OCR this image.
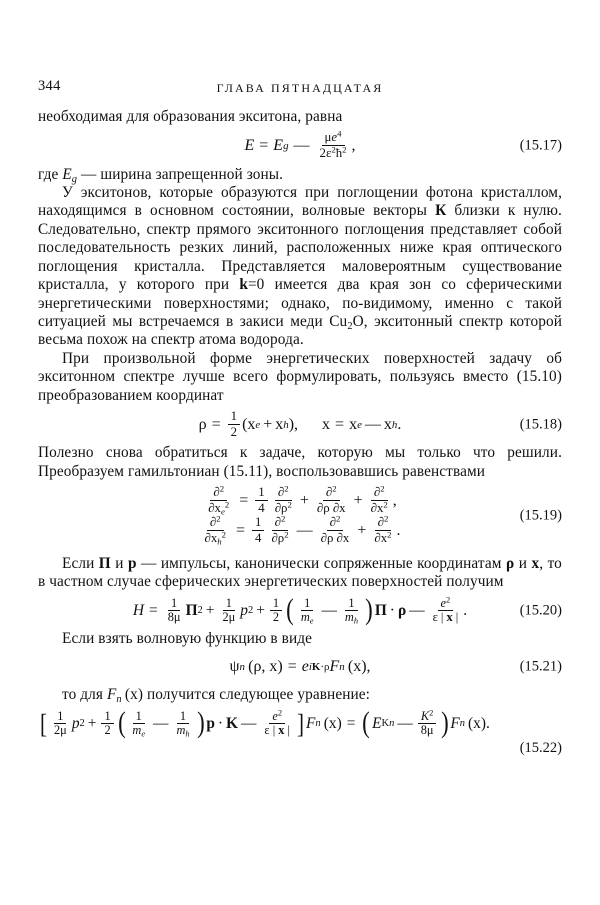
344	ГЛАВА ПЯТНАДЦАТАЯ

необходимая для образования экситона, равна

E = E g — $\frac{\mu e^4}{2\varepsilon^2ħ^2}$ ,	(15.17)

где $E_g$ — ширина запрещенной зоны.

У экситонов, которые образуются при поглощении фотона кристаллом, находящимся в основном состоянии, волновые векторы К близки к нулю. Следовательно, спектр прямого экситонного поглощения представляет собой последовательность резких линий, расположенных ниже края оптического поглощения кристалла. Представляется маловероятным существование кристалла, у которого при k=0 имеется два края зон со сферическими энергетическими поверхностями; однако, по-видимому, именно с такой ситуацией мы встречаемся в закиси меди $Cu_2O$, экситонный спектр которой весьма похож на спектр атома водорода.

При произвольной форме энергетических поверхностей задачу об экситонном спектре лучше всего формулировать, пользуясь вместо (15.10) преобразованием координат

$\rho = \frac{1}{2} (x$ e + x h ), x = x e — x h .	(15.18)

Полезно снова обратиться к задаче, которую мы только что решили. Преобразуем гамильтониан (15.11), воспользовавшись равенствами

$\frac{\partial^2}{\partial x_e^2} = \frac{1}{4} \frac{\partial^2}{\partial\rho^2} + \frac{\partial^2}{\partial\rho \partial x} + \frac{\partial^2}{\partial x^2}$ ,
$\frac{\partial^2}{\partial x_h^2} = \frac{1}{4} \frac{\partial^2}{\partial\rho^2}$ — $\frac{\partial^2}{\partial\rho \partial x} + \frac{\partial^2}{\partial x^2}$ .
(15.19)

Если П и p — импульсы, канонически сопряженные координатам ρ и x, то в частном случае сферических энергетических поверхностей получим

$H = \frac{1}{8\mu}$ П $2 + \frac{1}{2\mu}$ p $2 + \frac{1}{2}$ ( $\frac{1}{m_e}$ — $\frac{1}{m_h}$ ) П · ρ — $\frac{e^2}{\varepsilon | x |}$ .	(15.20)

Если взять волновую функцию в виде

ψ n
  (ρ, x) = e iK·ρ F n
  (x) ,	(15.21)

то для $F_n$  (x) получится следующее уравнение:

[ $\frac{1}{2\mu}$ p $2 + \frac{1}{2}$ ( $\frac{1}{m_e}$ — $\frac{1}{m_h}$ ) p · K — $\frac{e^2}{\varepsilon | x |}$ ] F n
  (x) = ( E Kn — $\frac{K^2}{8\mu}$ ) F n
  (x) .
(15.22)
